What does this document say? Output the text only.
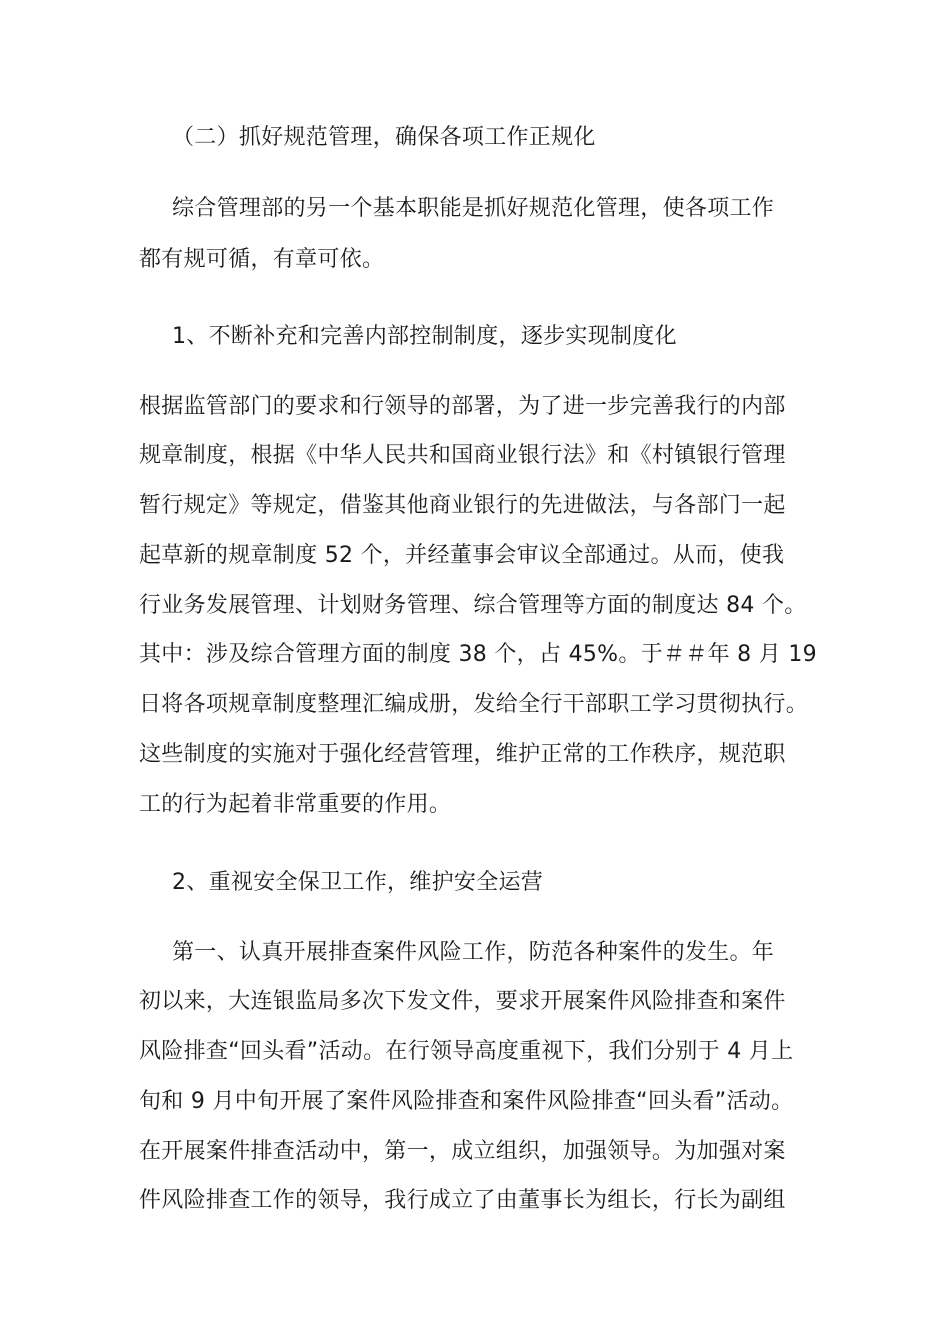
（二）抓好规范管理，确保各项工作正规化
综合管理部的另一个基本职能是抓好规范化管理，使各项工作
都有规可循，有章可依。
1、不断补充和完善内部控制制度，逐步实现制度化
根据监管部门的要求和行领导的部署，为了进一步完善我行的内部
规章制度，根据《中华人民共和国商业银行法》和《村镇银行管理
暂行规定》等规定，借鉴其他商业银行的先进做法，与各部门一起
起草新的规章制度 52 个，并经董事会审议全部通过。从而，使我
行业务发展管理、计划财务管理、综合管理等方面的制度达 84 个。
其中：涉及综合管理方面的制度 38 个，占 45%。于＃＃年 8 月 19
日将各项规章制度整理汇编成册，发给全行干部职工学习贯彻执行。
这些制度的实施对于强化经营管理，维护正常的工作秩序，规范职
工的行为起着非常重要的作用。
2、重视安全保卫工作，维护安全运营
第一、认真开展排查案件风险工作，防范各种案件的发生。年
初以来，大连银监局多次下发文件，要求开展案件风险排查和案件
风险排查“回头看”活动。在行领导高度重视下，我们分别于 4 月上
旬和 9 月中旬开展了案件风险排查和案件风险排查“回头看”活动。
在开展案件排查活动中，第一，成立组织，加强领导。为加强对案
件风险排查工作的领导，我行成立了由董事长为组长，行长为副组
